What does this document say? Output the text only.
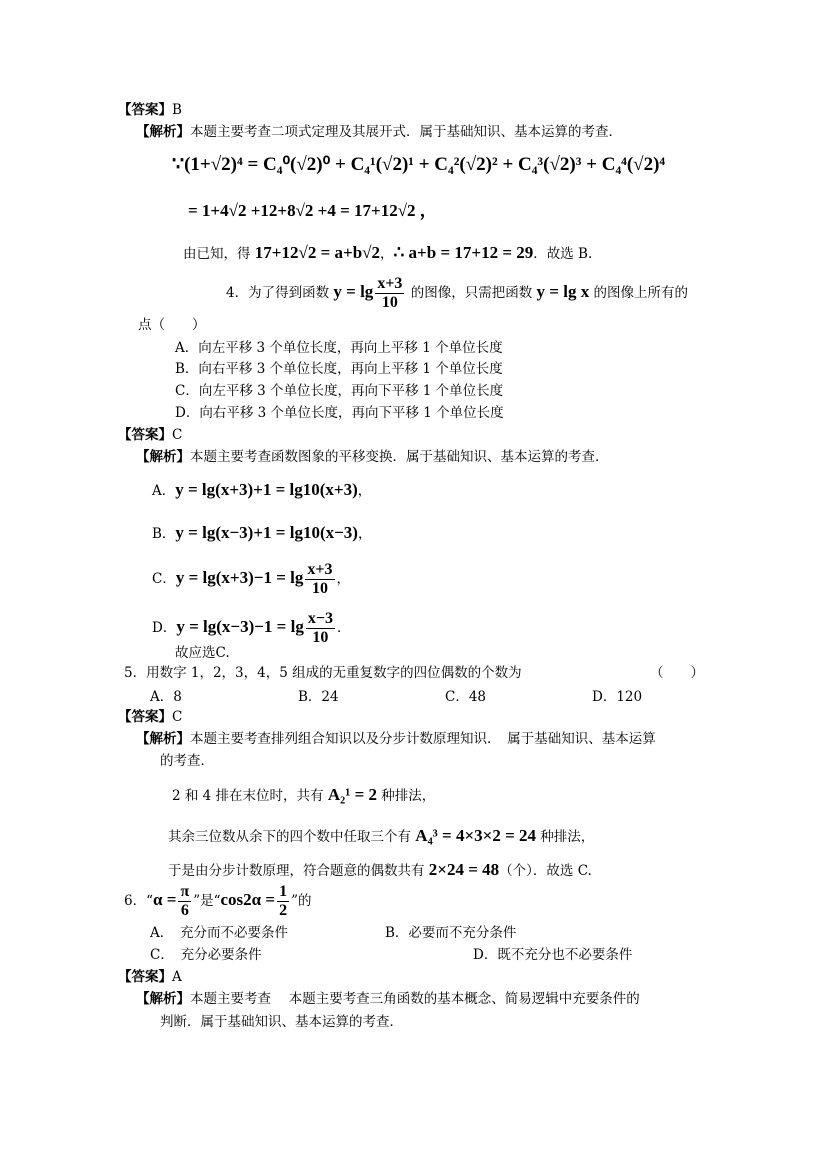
【答案】B
【解析】本题主要考查二项式定理及其展开式．属于基础知识、基本运算的考查．
∵(1+√2)⁴ = C₄⁰(√2)⁰ + C₄¹(√2)¹ + C₄²(√2)² + C₄³(√2)³ + C₄⁴(√2)⁴
= 1+4√2 +12+8√2 +4 = 17+12√2 ，
由已知，得 17+12√2 = a+b√2，∴ a+b = 17+12 = 29．故选 B.
4．为了得到函数 $y = \lg \frac{x+3}{10}$ 的图像，只需把函数 y = lg x 的图像上所有的
点（　　）
A．向左平移 3 个单位长度，再向上平移 1 个单位长度
B．向右平移 3 个单位长度，再向上平移 1 个单位长度
C．向左平移 3 个单位长度，再向下平移 1 个单位长度
D．向右平移 3 个单位长度，再向下平移 1 个单位长度
【答案】C
【解析】本题主要考查函数图象的平移变换．属于基础知识、基本运算的考查．
A．y = lg(x+3)+1 = lg10(x+3)，
B．y = lg(x−3)+1 = lg10(x−3)，
C．$y = \lg(x+3)-1 = \lg \frac{x+3}{10}$ ，
D．$y = \lg(x-3)-1 = \lg \frac{x-3}{10}$ ．
故应选C.
5．用数字 1，2，3，4，5 组成的无重复数字的四位偶数的个数为	（　　）
A．8	B．24	C．48	D．120
【答案】C
【解析】本题主要考查排列组合知识以及分步计数原理知识．　属于基础知识、基本运算
的考查．
2 和 4 排在末位时，共有 A₂¹ = 2 种排法，
其余三位数从余下的四个数中任取三个有 A₄³ = 4×3×2 = 24 种排法，
于是由分步计数原理，符合题意的偶数共有 2×24 = 48（个）．故选 C.
6．“$\alpha = \frac{\pi}{6}$ ”是“$\cos 2\alpha = \frac{1}{2}$ ”的
A．　充分而不必要条件	B．必要而不充分条件
C．　充分必要条件	D．既不充分也不必要条件
【答案】A
【解析】本题主要考查　 本题主要考查三角函数的基本概念、简易逻辑中充要条件的
判断．属于基础知识、基本运算的考查．
